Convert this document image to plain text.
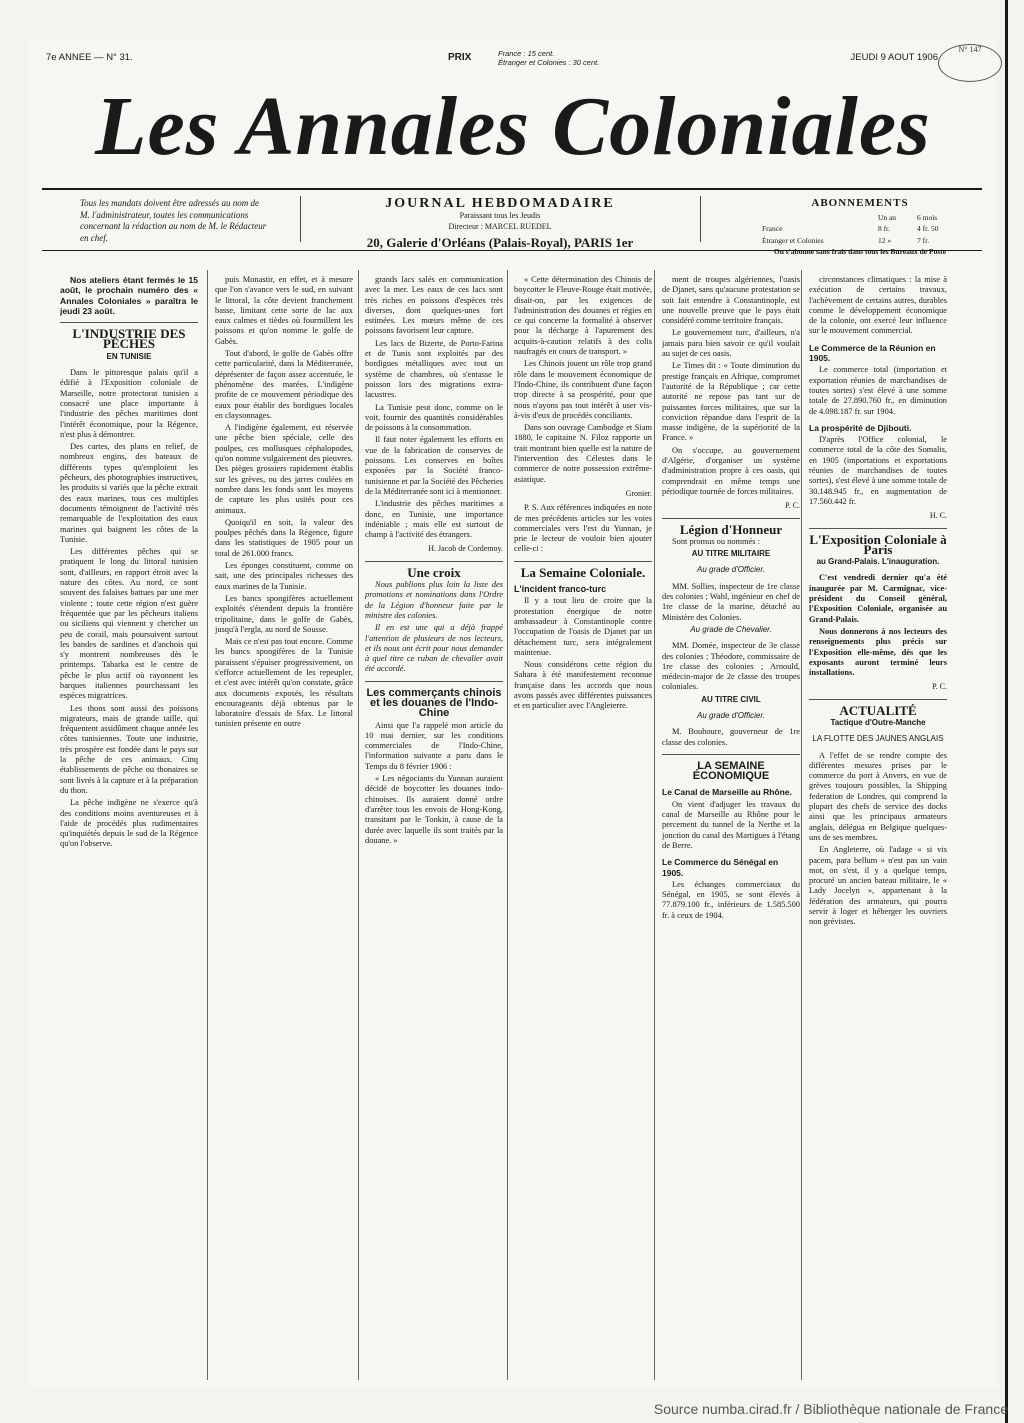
7e ANNEE — N° 31.	PRIX	France : 15 cent.
Étranger et Colonies : 30 cent.	JEUDI 9 AOUT 1906
N° 147
Les Annales Coloniales
Tous les mandats doivent être adressés au nom de M. l'administrateur, toutes les communications concernant la rédaction au nom de M. le Rédacteur en chef.
JOURNAL HEBDOMADAIRE
Paraissant tous les Jeudis
Directeur : MARCEL RUEDEL
20, Galerie d'Orléans (Palais-Royal), PARIS 1er
ABONNEMENTS
	Un an	6 mois
France	8 fr.	4 fr. 50
Étranger et Colonies	12 »	7 fr.
On s'abonne sans frais dans tous les Bureaux de Poste
Nos ateliers étant fermés le 15 août, le prochain numéro des « Annales Coloniales » paraîtra le jeudi 23 août.
L'INDUSTRIE DES PÊCHES
EN TUNISIE

Dans le pittoresque palais qu'il a édifié à l'Exposition coloniale de Marseille, notre protectorat tunisien a consacré une place importante à l'industrie des pêches maritimes dont l'intérêt économique, pour la Régence, n'est plus à démontrer.

Des cartes, des plans en relief, de nombreux engins, des bateaux de différents types qu'emploient les pêcheurs, des photographies instructives, les produits si variés que la pêche extrait des eaux marines, tous ces multiples documents témoignent de l'activité très remarquable de l'exploitation des eaux marines qui baignent les côtes de la Tunisie.

Les différentes pêches qui se pratiquent le long du littoral tunisien sont, d'ailleurs, en rapport étroit avec la nature des côtes. Au nord, ce sont souvent des falaises battues par une mer violente ; toute cette région n'est guère fréquentée que par les pêcheurs italiens ou siciliens qui viennent y chercher un peu de corail, mais poursuivent surtout les bandes de sardines et d'anchois qui s'y montrent nombreuses dès le printemps. Tabarka est le centre de pêche le plus actif où rayonnent les barques italiennes pourchassant les espèces migratrices.

Les thons sont aussi des poissons migrateurs, mais de grande taille, qui fréquentent assidûment chaque année les côtes tunisiennes. Toute une industrie, très prospère est fondée dans le pays sur la pêche de ces animaux. Cinq établissements de pêche ou thonaires se sont livrés à la capture et à la préparation du thon.

La pêche indigène ne s'exerce qu'à des conditions moins aventureuses et à l'aide de procédés plus rudimentaires qu'inquiétés depuis le sud de la Régence qu'on l'observe.

puis Monastir, en effet, et à mesure que l'on s'avance vers le sud, en suivant le littoral, la côte devient franchement basse, limitant cette sorte de lac aux eaux calmes et tièdes où fourmillent les poissons et qu'on nomme le golfe de Gabès.

Tout d'abord, le golfe de Gabès offre cette particularité, dans la Méditerranée, déprésenter de façon assez accentuée, le phénomène des marées. L'indigène profite de ce mouvement périodique des eaux pour établir des bordigues locales en claysonnages.

A l'indigène également, est réservée une pêche bien spéciale, celle des poulpes, ces mollusques céphalopodes, qu'on nomme vulgairement des pieuvres. Des pièges grossiers rapidement établis sur les grèves, ou des jarres coulées en nombre dans les fonds sont les moyens de capture les plus usités pour ces animaux.

Quoiqu'il en soit, la valeur des poulpes pêchés dans la Régence, figure dans les statistiques de 1905 pour un total de 261.000 francs.

Les éponges constituent, comme on sait, une des principales richesses des eaux marines de la Tunisie.

Les bancs spongifères actuellement exploités s'étendent depuis la frontière tripolitaine, dans le golfe de Gabès, jusqu'à l'ergla, au nord de Sousse.

Mais ce n'est pas tout encore. Comme les bancs spongifères de la Tunisie paraissent s'épuiser progressivement, on s'efforce actuellement de les repeupler, et c'est avec intérêt qu'on constate, grâce aux documents exposés, les résultats encourageants déjà obtenus par le laboratoire d'essais de Sfax. Le littoral tunisien présente en outre

grands lacs salés en communication avec la mer. Les eaux de ces lacs sont très riches en poissons d'espèces très diverses, dont quelques-unes fort estimées. Les mœurs même de ces poissons favorisent leur capture.

Les lacs de Bizerte, de Porto-Farina et de Tunis sont exploités par des bordigues métalliques avec tout un système de chambres, où s'entasse le poisson lors des migrations extra-lacustres.

La Tunisie peut donc, comme on le voit, fournir des quantités considérables de poissons à la consommation.

Il faut noter également les efforts en vue de la fabrication de conserves de poissons. Les conserves en boîtes exposées par la Société franco-tunisienne et par la Société des Pêcheries de la Méditerranée sont ici à mentionner.

L'industrie des pêches maritimes a donc, en Tunisie, une importance indéniable ; mais elle est surtout de champ à l'activité des étrangers.

H. Jacob de Cordemoy.
Une croix

Nous publions plus loin la liste des promotions et nominations dans l'Ordre de la Légion d'honneur faite par le ministre des colonies.

Il en est une qui a déjà frappé l'attention de plusieurs de nos lecteurs, et ils nous ont écrit pour nous demander à quel titre ce ruban de chevalier avait été accordé.

Les commerçants chinois et les douanes de l'Indo-Chine

Ainsi que l'a rappelé mon article du 10 mai dernier, sur les conditions commerciales de l'Indo-Chine, l'information suivante a paru dans le Temps du 8 février 1906 :

« Les négociants du Yunnan auraient décidé de boycotter les douanes indo-chinoises. Ils auraient donné ordre d'arrêter tous les envois de Hong-Kong, transitant par le Tonkin, à cause de la durée avec laquelle ils sont traités par la douane. »

« Cette détermination des Chinois de boycotter le Fleuve-Rouge était motivée, disait-on, par les exigences de l'administration des douanes et régies en ce qui concerne la formalité à observer pour la décharge à l'apurement des acquits-à-caution relatifs à des colis naufragés en cours de transport. »

Les Chinois jouent un rôle trop grand rôle dans le mouvement économique de l'Indo-Chine, ils contribuent d'une façon trop directe à sa prospérité, pour que nous n'ayons pas tout intérêt à user vis-à-vis d'eux de procédés conciliants.

Dans son ouvrage Cambodge et Siam 1880, le capitaine N. Filoz rapporte un trait montrant bien quelle est la nature de l'intervention des Célestes dans le commerce de notre possession extrême-asiatique.

Gronier.

P. S. Aux références indiquées en note de mes précédents articles sur les voies commerciales vers l'est du Yunnan, je prie le lecteur de vouloir bien ajouter celle-ci :

La Semaine Coloniale.
L'incident franco-turc

Il y a tout lieu de croire que la protestation énergique de notre ambassadeur à Constantinople contre l'occupation de l'oasis de Djanet par un détachement turc, sera intégralement maintenue.

Nous considérons cette région du Sahara à été manifestement reconnue française dans les accords que nous avons passés avec différentes puissances et en particulier avec l'Angleterre.

ment de troupes algériennes, l'oasis de Djanet, sans qu'aucune protestation se soit fait entendre à Constantinople, est une nouvelle preuve que le pays était considéré comme territoire français.

Le gouvernement turc, d'ailleurs, n'a jamais paru bien savoir ce qu'il voulait au sujet de ces oasis.

Le Times dit : « Toute diminution du prestige français en Afrique, compromet l'autorité de la République ; car cette autorité ne repose pas tant sur de puissantes forces militaires, que sur la conviction répandue dans l'esprit de la masse indigène, de la supériorité de la France. »

On s'occupe, au gouvernement d'Algérie, d'organiser un système d'administration propre à ces oasis, qui comprendrait en même temps une périodique tournée de forces militaires.

P. C.
Légion d'Honneur

Sont promus ou nommés :

AU TITRE MILITAIRE
Au grade d'Officier.

MM. Sollies, inspecteur de 1re classe des colonies ; Wahl, ingénieur en chef de 1re classe de la marine, détaché au Ministère des Colonies.

Au grade de Chevalier.

MM. Domée, inspecteur de 3e classe des colonies ; Théodore, commissaire de 1re classe des colonies ; Arnould, médecin-major de 2e classe des troupes coloniales.

AU TITRE CIVIL
Au grade d'Officier.

M. Bouhoure, gouverneur de 1re classe des colonies.

LA SEMAINE ÉCONOMIQUE
Le Canal de Marseille au Rhône.

On vient d'adjuger les travaux du canal de Marseille au Rhône pour le percement du tunnel de la Nerthe et la jonction du canal des Martigues à l'étang de Berre.

Le Commerce du Sénégal en 1905.

Les échanges commerciaux du Sénégal, en 1905, se sont élevés à 77.879.100 fr., inférieurs de 1.585.500 fr. à ceux de 1904.

circonstances climatiques : la mise à exécution de certains travaux, l'achèvement de certains autres, durables comme le développement économique de la colonie, ont exercé leur influence sur le mouvement commercial.

Le Commerce de la Réunion en 1905.

Le commerce total (importation et exportation réunies de marchandises de toutes sortes) s'est élevé à une somme totale de 27.890.760 fr., en diminution de 4.098.187 fr. sur 1904.

La prospérité de Djibouti.

D'après l'Office colonial, le commerce total de la côte des Somalis, en 1905 (importations et exportations réunies de marchandises de toutes sortes), s'est élevé à une somme totale de 30.148.945 fr., en augmentation de 17.560.442 fr.

H. C.
L'Exposition Coloniale à Paris
au Grand-Palais. L'inauguration.

C'est vendredi dernier qu'a été inaugurée par M. Carmignac, vice-président du Conseil général, l'Exposition Coloniale, organisée au Grand-Palais.

Nous donnerons à nos lecteurs des renseignements plus précis sur l'Exposition elle-même, dès que les exposants auront terminé leurs installations.

P. C.
ACTUALITÉ
Tactique d'Outre-Manche
LA FLOTTE DES JAUNES ANGLAIS

A l'effet de se rendre compte des différentes mesures prises par le commerce du port à Anvers, en vue de grèves toujours possibles, la Shipping federation de Londres, qui comprend la plupart des chefs de service des docks ainsi que les principaux armateurs anglais, délégua en Belgique quelques-uns de ses membres.

En Angleterre, où l'adage « si vis pacem, para bellum » n'est pas un vain mot, on s'est, il y a quelque temps, procuré un ancien bateau militaire, le « Lady Jocelyn », appartenant à la fédération des armateurs, qui pourra servir à loger et héberger les ouvriers non grévistes.

Source numba.cirad.fr / Bibliothèque nationale de France
